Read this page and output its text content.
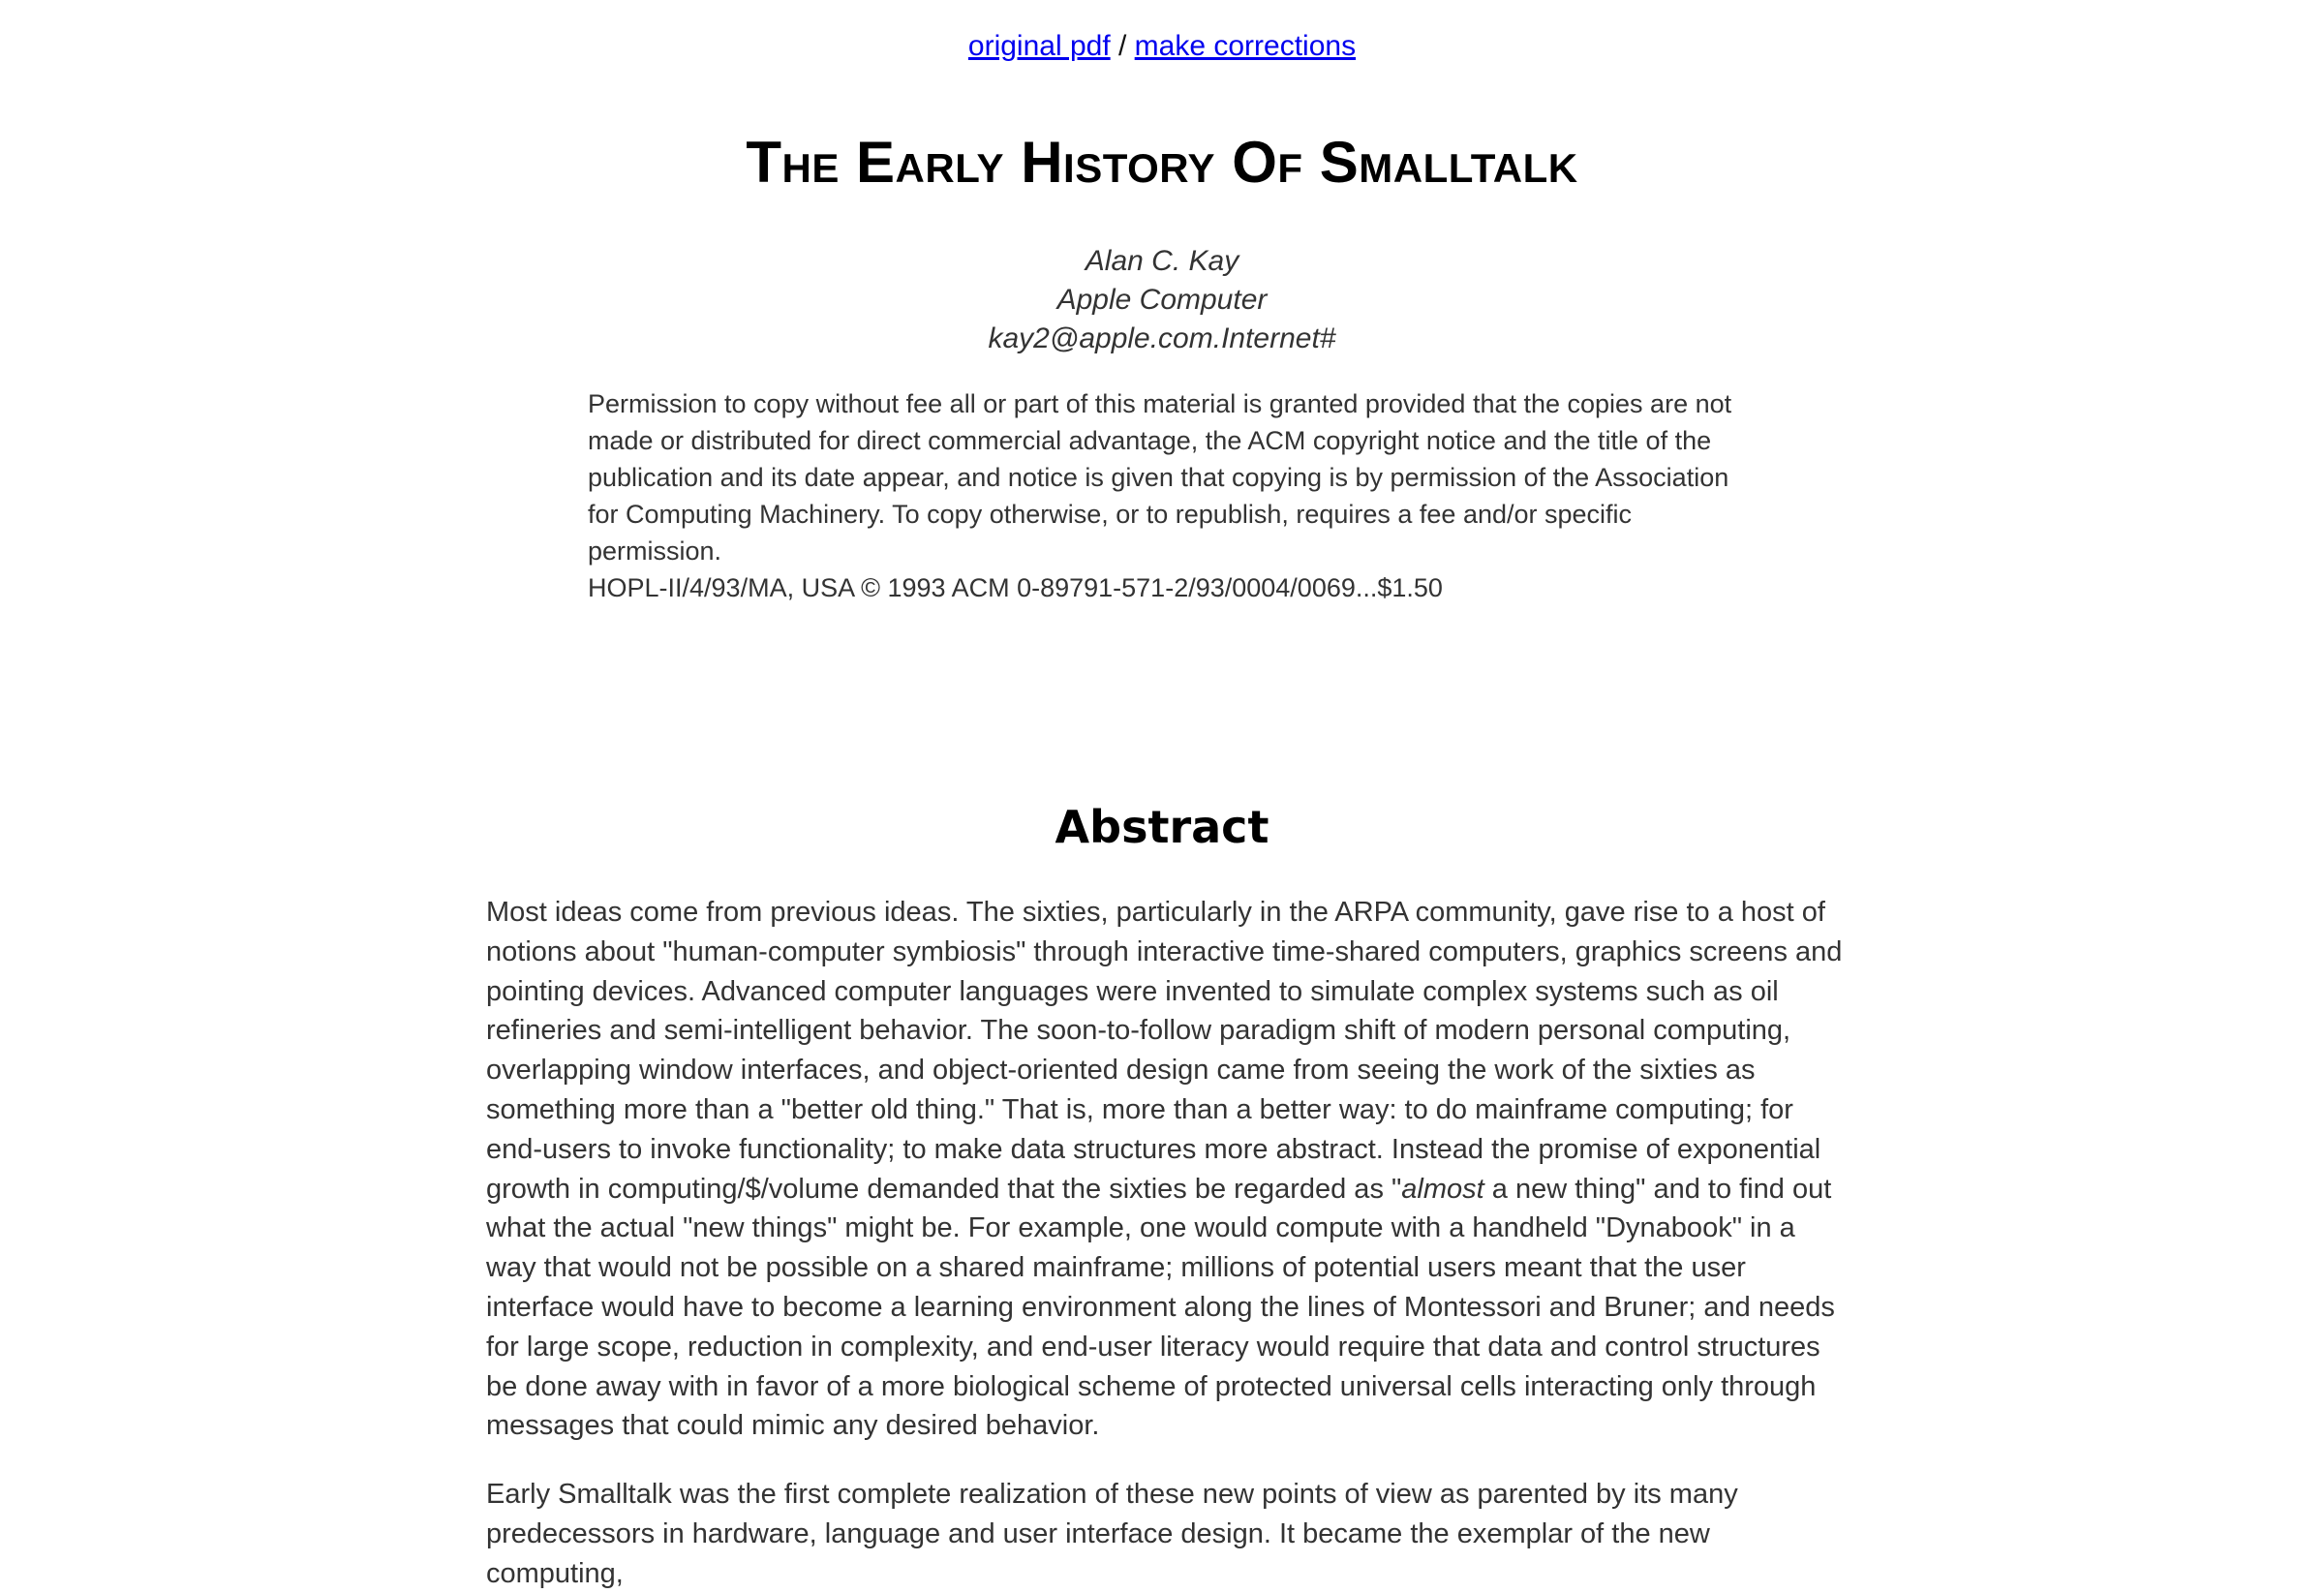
original pdf / make corrections
The Early History Of Smalltalk
Alan C. Kay
Apple Computer
kay2@apple.com.Internet#
Permission to copy without fee all or part of this material is granted provided that the copies are not made or distributed for direct commercial advantage, the ACM copyright notice and the title of the publication and its date appear, and notice is given that copying is by permission of the Association for Computing Machinery. To copy otherwise, or to republish, requires a fee and/or specific permission.
HOPL-II/4/93/MA, USA © 1993 ACM 0-89791-571-2/93/0004/0069...$1.50
Abstract

Most ideas come from previous ideas. The sixties, particularly in the ARPA community, gave rise to a host of notions about "human-computer symbiosis" through interactive time-shared computers, graphics screens and pointing devices. Advanced computer languages were invented to simulate complex systems such as oil refineries and semi-intelligent behavior. The soon-to-follow paradigm shift of modern personal computing, overlapping window interfaces, and object-oriented design came from seeing the work of the sixties as something more than a "better old thing." That is, more than a better way: to do mainframe computing; for end-users to invoke functionality; to make data structures more abstract. Instead the promise of exponential growth in computing/$/volume demanded that the sixties be regarded as "almost a new thing" and to find out what the actual "new things" might be. For example, one would compute with a handheld "Dynabook" in a way that would not be possible on a shared mainframe; millions of potential users meant that the user interface would have to become a learning environment along the lines of Montessori and Bruner; and needs for large scope, reduction in complexity, and end-user literacy would require that data and control structures be done away with in favor of a more biological scheme of protected universal cells interacting only through messages that could mimic any desired behavior.

Early Smalltalk was the first complete realization of these new points of view as parented by its many predecessors in hardware, language and user interface design. It became the exemplar of the new computing,
